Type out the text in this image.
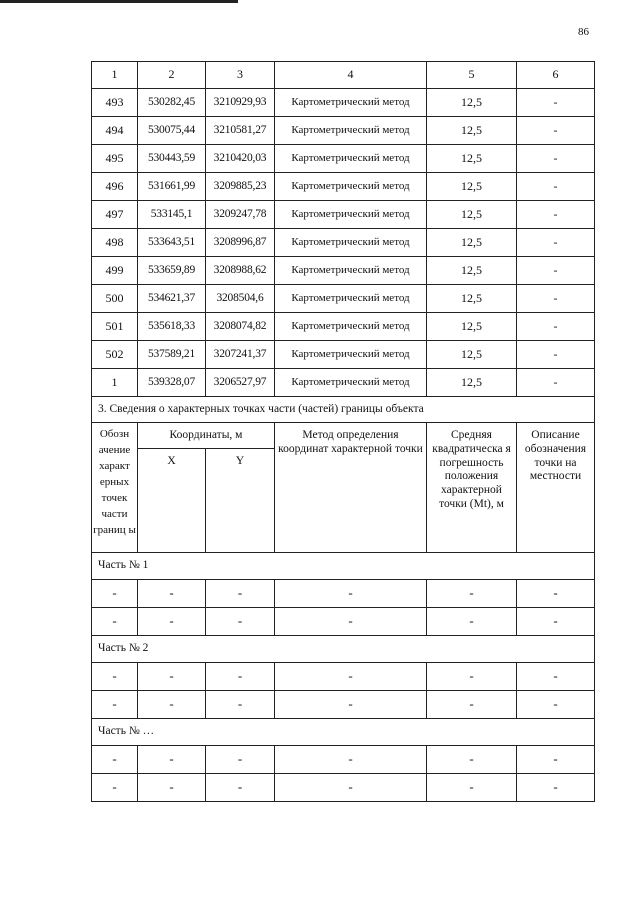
86
1	2	3	4	5	6
493	530282,45	3210929,93	Картометрический метод	12,5	-
494	530075,44	3210581,27	Картометрический метод	12,5	-
495	530443,59	3210420,03	Картометрический метод	12,5	-
496	531661,99	3209885,23	Картометрический метод	12,5	-
497	533145,1	3209247,78	Картометрический метод	12,5	-
498	533643,51	3208996,87	Картометрический метод	12,5	-
499	533659,89	3208988,62	Картометрический метод	12,5	-
500	534621,37	3208504,6	Картометрический метод	12,5	-
501	535618,33	3208074,82	Картометрический метод	12,5	-
502	537589,21	3207241,37	Картометрический метод	12,5	-
1	539328,07	3206527,97	Картометрический метод	12,5	-
3. Сведения о характерных точках части (частей) границы объекта					
Обозн ачение характ ерных точек части границ ы	Координаты, м		Метод определения координат характерной точки	Средняя квадратическа я погрешность положения характерной точки (Mt), м	Описание обозначения точки на местности
	X	Y			
Часть № 1					
-	-	-	-	-	-
-	-	-	-	-	-
Часть № 2					
-	-	-	-	-	-
-	-	-	-	-	-
Часть № …					
-	-	-	-	-	-
-	-	-	-	-	-
